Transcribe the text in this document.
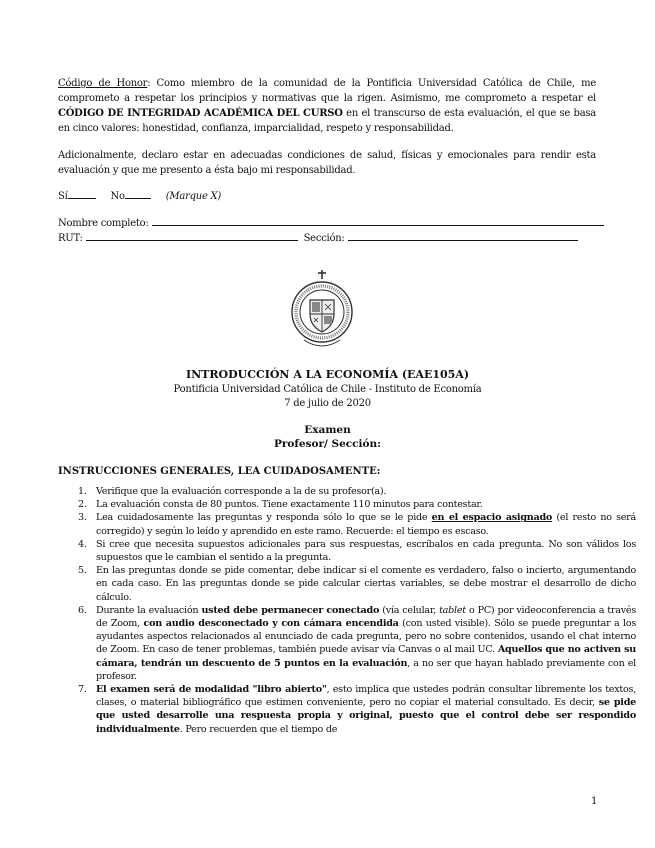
Código de Honor: Como miembro de la comunidad de la Pontificia Universidad Católica de Chile, me comprometo a respetar los principios y normativas que la rigen. Asimismo, me comprometo a respetar el CÓDIGO DE INTEGRIDAD ACADÉMICA DEL CURSO en el transcurso de esta evaluación, el que se basa en cinco valores: honestidad, confianza, imparcialidad, respeto y responsabilidad.
Adicionalmente, declaro estar en adecuadas condiciones de salud, físicas y emocionales para rendir esta evaluación y que me presento a ésta bajo mi responsabilidad.
Sí	No	(Marque X)
Nombre completo:
RUT:	Sección:
INTRODUCCIÓN A LA ECONOMÍA (EAE105A)
Pontificia Universidad Católica de Chile - Instituto de Economía
7 de julio de 2020
Examen
Profesor/ Sección:
INSTRUCCIONES GENERALES, LEA CUIDADOSAMENTE:
1. Verifique que la evaluación corresponde a la de su profesor(a).
2. La evaluación consta de 80 puntos. Tiene exactamente 110 minutos para contestar.
3. Lea cuidadosamente las preguntas y responda sólo lo que se le pide en el espacio asignado (el resto no será corregido) y según lo leído y aprendido en este ramo. Recuerde: el tiempo es escaso.
4. Si cree que necesita supuestos adicionales para sus respuestas, escríbalos en cada pregunta. No son válidos los supuestos que le cambian el sentido a la pregunta.
5. En las preguntas donde se pide comentar, debe indicar si el comente es verdadero, falso o incierto, argumentando en cada caso. En las preguntas donde se pide calcular ciertas variables, se debe mostrar el desarrollo de dicho cálculo.
6. Durante la evaluación usted debe permanecer conectado (vía celular, tablet o PC) por videoconferencia a través de Zoom, con audio desconectado y con cámara encendida (con usted visible). Sólo se puede preguntar a los ayudantes aspectos relacionados al enunciado de cada pregunta, pero no sobre contenidos, usando el chat interno de Zoom. En caso de tener problemas, también puede avisar vía Canvas o al mail UC. Aquellos que no activen su cámara, tendrán un descuento de 5 puntos en la evaluación, a no ser que hayan hablado previamente con el profesor.
7. El examen será de modalidad "libro abierto", esto implica que ustedes podrán consultar libremente los textos, clases, o material bibliográfico que estimen conveniente, pero no copiar el material consultado. Es decir, se pide que usted desarrolle una respuesta propia y original, puesto que el control debe ser respondido individualmente. Pero recuerden que el tiempo de
1
